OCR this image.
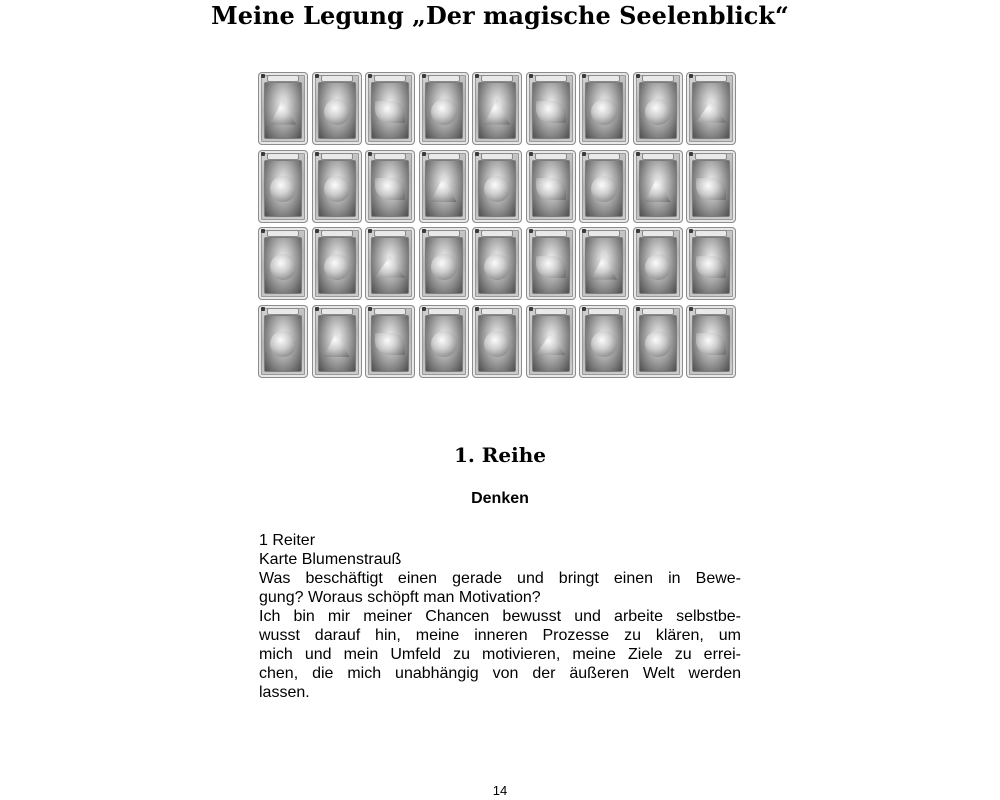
Meine Legung „Der magische Seelenblick“
1. Reihe
Denken
1 Reiter
Karte Blumenstrauß
Was beschäftigt einen gerade und bringt einen in Bewe-
gung? Woraus schöpft man Motivation?
Ich bin mir meiner Chancen bewusst und arbeite selbstbe-
wusst darauf hin, meine inneren Prozesse zu klären, um
mich und mein Umfeld zu motivieren, meine Ziele zu errei-
chen, die mich unabhängig von der äußeren Welt werden
lassen.
14
